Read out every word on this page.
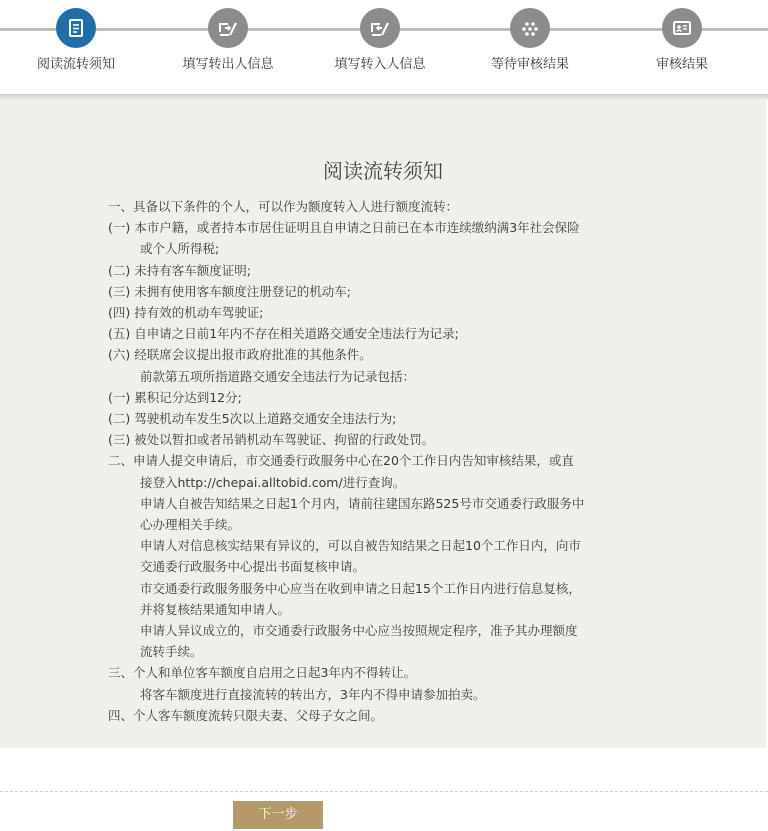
阅读流转须知	填写转出人信息	填写转入人信息	等待审核结果	审核结果
阅读流转须知
一、具备以下条件的个人，可以作为额度转入人进行额度流转：
(一) 本市户籍，或者持本市居住证明且自申请之日前已在本市连续缴纳满3年社会保险
或个人所得税;
(二) 未持有客车额度证明;
(三) 未拥有使用客车额度注册登记的机动车;
(四) 持有效的机动车驾驶证;
(五) 自申请之日前1年内不存在相关道路交通安全违法行为记录;
(六) 经联席会议提出报市政府批准的其他条件。
前款第五项所指道路交通安全违法行为记录包括：
(一) 累积记分达到12分;
(二) 驾驶机动车发生5次以上道路交通安全违法行为;
(三) 被处以暂扣或者吊销机动车驾驶证、拘留的行政处罚。
二、申请人提交申请后，市交通委行政服务中心在20个工作日内告知审核结果，或直
接登入http://chepai.alltobid.com/进行查询。
申请人自被告知结果之日起1个月内，请前往建国东路525号市交通委行政服务中
心办理相关手续。
申请人对信息核实结果有异议的，可以自被告知结果之日起10个工作日内，向市
交通委行政服务中心提出书面复核申请。
市交通委行政服务服务中心应当在收到申请之日起15个工作日内进行信息复核，
并将复核结果通知申请人。
申请人异议成立的，市交通委行政服务中心应当按照规定程序，准予其办理额度
流转手续。
三、个人和单位客车额度自启用之日起3年内不得转让。
将客车额度进行直接流转的转出方，3年内不得申请参加拍卖。
四、个人客车额度流转只限夫妻、父母子女之间。
下一步
